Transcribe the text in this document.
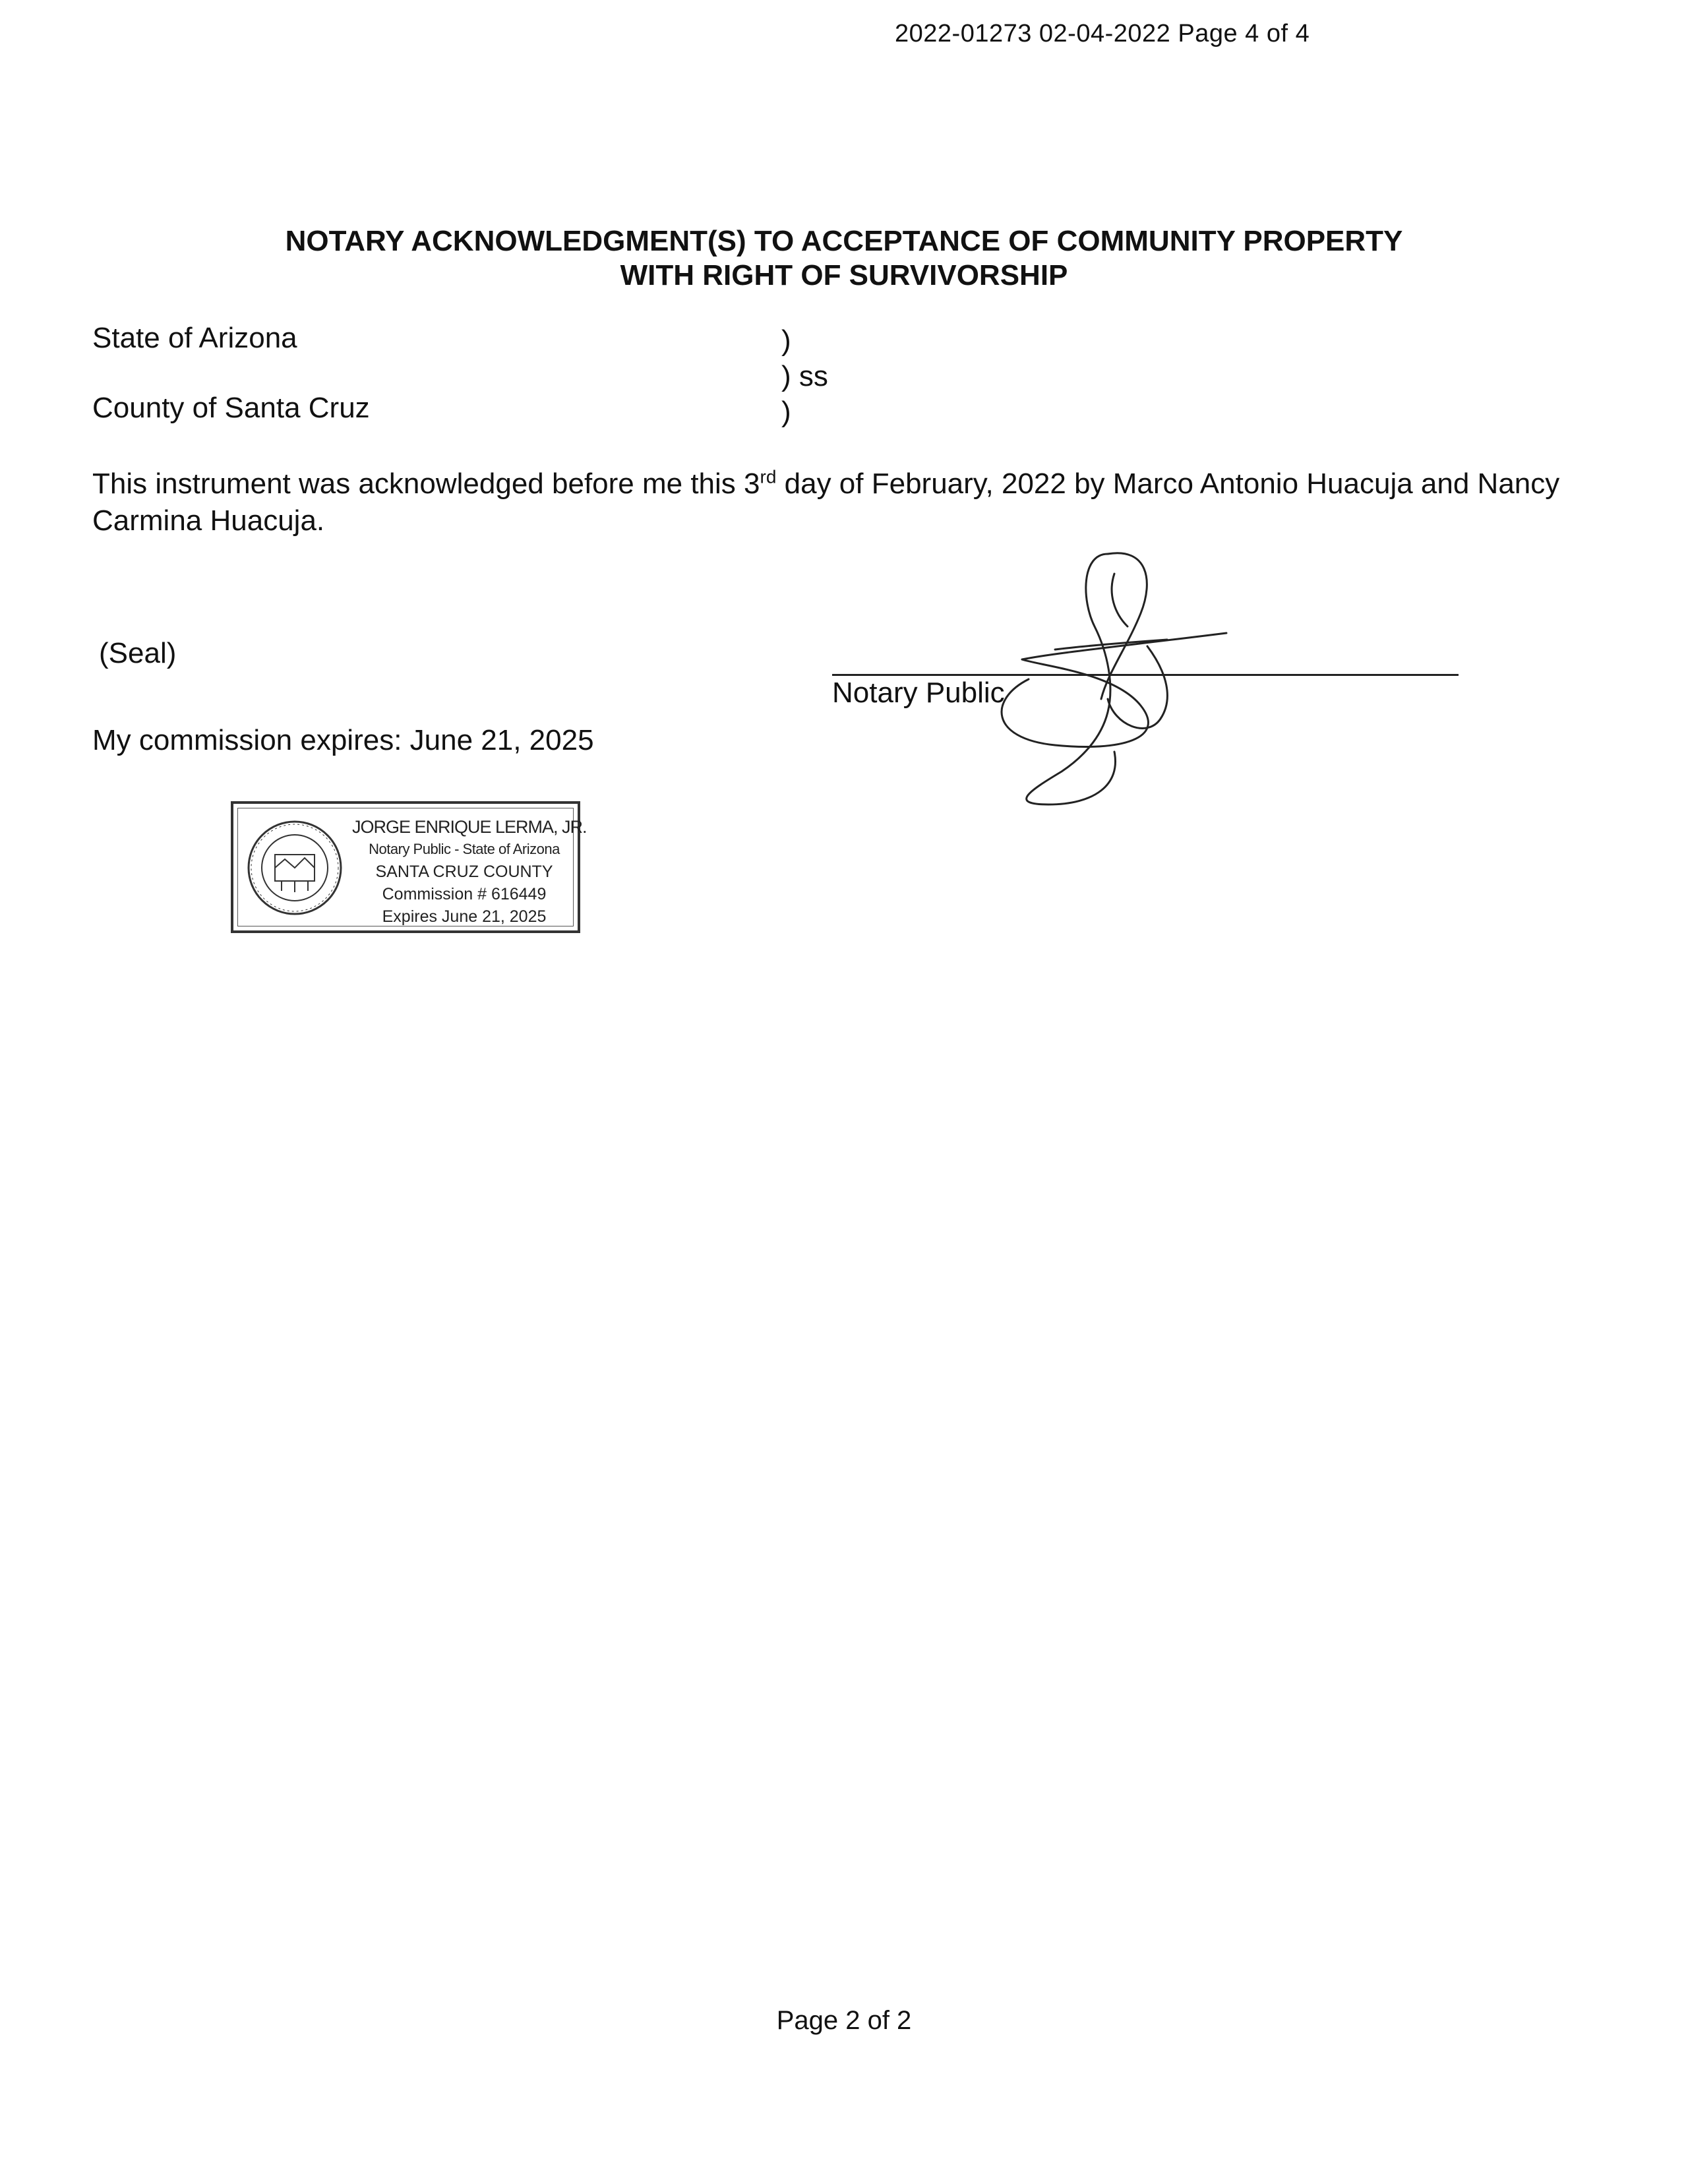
2022-01273 02-04-2022 Page 4 of 4
NOTARY ACKNOWLEDGMENT(S) TO ACCEPTANCE OF COMMUNITY PROPERTY
WITH RIGHT OF SURVIVORSHIP
State of Arizona
County of Santa Cruz
)
) ss
)
This instrument was acknowledged before me this 3rd day of February, 2022 by Marco Antonio Huacuja and Nancy Carmina Huacuja.
(Seal)
Notary Public
My commission expires: June 21, 2025
JORGE ENRIQUE LERMA, JR.
Notary Public - State of Arizona
SANTA CRUZ COUNTY
Commission # 616449
Expires June 21, 2025
Page 2 of 2
